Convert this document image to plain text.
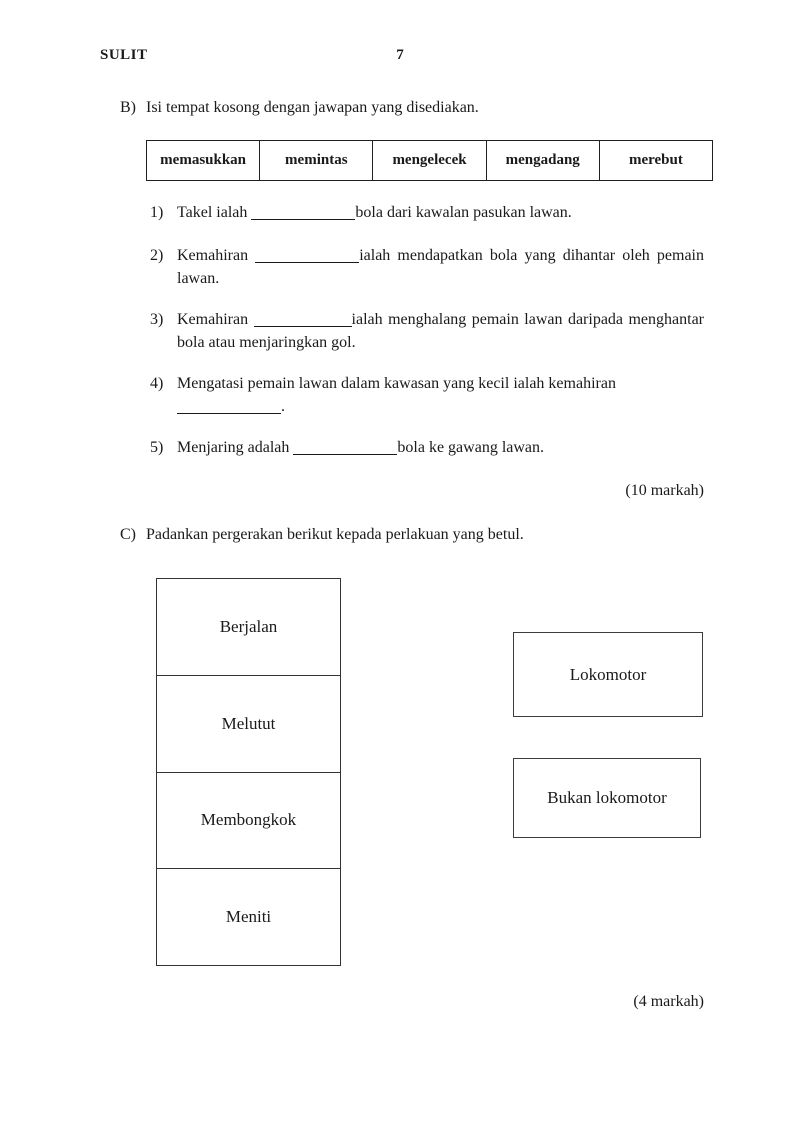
SULIT	7
B) Isi tempat kosong dengan jawapan yang disediakan.
memasukkan	memintas	mengelecek	mengadang	merebut
1) Takel ialah	bola dari kawalan pasukan lawan.
2) Kemahiran	ialah mendapatkan bola yang dihantar oleh pemain
lawan.
3) Kemahiran	ialah menghalang pemain lawan daripada menghantar
bola atau menjaringkan gol.
4) Mengatasi pemain lawan dalam kawasan yang kecil ialah kemahiran
.
5) Menjaring adalah	bola ke gawang lawan.
(10 markah)
C) Padankan pergerakan berikut kepada perlakuan yang betul.
Berjalan
Melutut
Membongkok
Meniti
Lokomotor
Bukan lokomotor
(4 markah)
